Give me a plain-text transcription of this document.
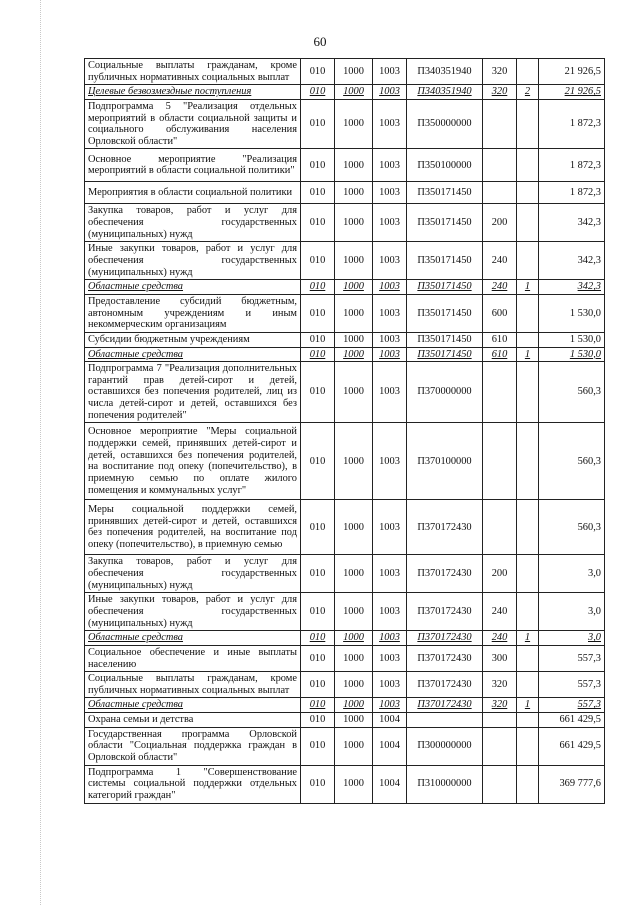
60
Социальные выплаты гражданам, кроме публичных нормативных социальных выплат	010	1000	1003	П340351940	320		21 926,5
Целевые безвозмездные поступления	010	1000	1003	П340351940	320	2	21 926,5
Подпрограмма 5 "Реализация отдельных мероприятий в области социальной защиты и социального обслуживания населения Орловской области"	010	1000	1003	П350000000			1 872,3
Основное мероприятие "Реализация мероприятий в области социальной политики"	010	1000	1003	П350100000			1 872,3
Мероприятия в области социальной политики	010	1000	1003	П350171450			1 872,3
Закупка товаров, работ и услуг для обеспечения государственных (муниципальных) нужд	010	1000	1003	П350171450	200		342,3
Иные закупки товаров, работ и услуг для обеспечения государственных (муниципальных) нужд	010	1000	1003	П350171450	240		342,3
Областные средства	010	1000	1003	П350171450	240	1	342,3
Предоставление субсидий бюджетным, автономным учреждениям и иным некоммерческим организациям	010	1000	1003	П350171450	600		1 530,0
Субсидии бюджетным учреждениям	010	1000	1003	П350171450	610		1 530,0
Областные средства	010	1000	1003	П350171450	610	1	1 530,0
Подпрограмма 7 "Реализация дополнительных гарантий прав детей-сирот и детей, оставшихся без попечения родителей, лиц из числа детей-сирот и детей, оставшихся без попечения родителей"	010	1000	1003	П370000000			560,3
Основное мероприятие "Меры социальной поддержки семей, принявших детей-сирот и детей, оставшихся без попечения родителей, на воспитание под опеку (попечительство), в приемную семью по оплате жилого помещения и коммунальных услуг"	010	1000	1003	П370100000			560,3
Меры социальной поддержки семей, принявших детей-сирот и детей, оставшихся без попечения родителей, на воспитание под опеку (попечительство), в приемную семью	010	1000	1003	П370172430			560,3
Закупка товаров, работ и услуг для обеспечения государственных (муниципальных) нужд	010	1000	1003	П370172430	200		3,0
Иные закупки товаров, работ и услуг для обеспечения государственных (муниципальных) нужд	010	1000	1003	П370172430	240		3,0
Областные средства	010	1000	1003	П370172430	240	1	3,0
Социальное обеспечение и иные выплаты населению	010	1000	1003	П370172430	300		557,3
Социальные выплаты гражданам, кроме публичных нормативных социальных выплат	010	1000	1003	П370172430	320		557,3
Областные средства	010	1000	1003	П370172430	320	1	557,3
Охрана семьи и детства	010	1000	1004				661 429,5
Государственная программа Орловской области "Социальная поддержка граждан в Орловской области"	010	1000	1004	П300000000			661 429,5
Подпрограмма 1 "Совершенствование системы социальной поддержки отдельных категорий граждан"	010	1000	1004	П310000000			369 777,6
